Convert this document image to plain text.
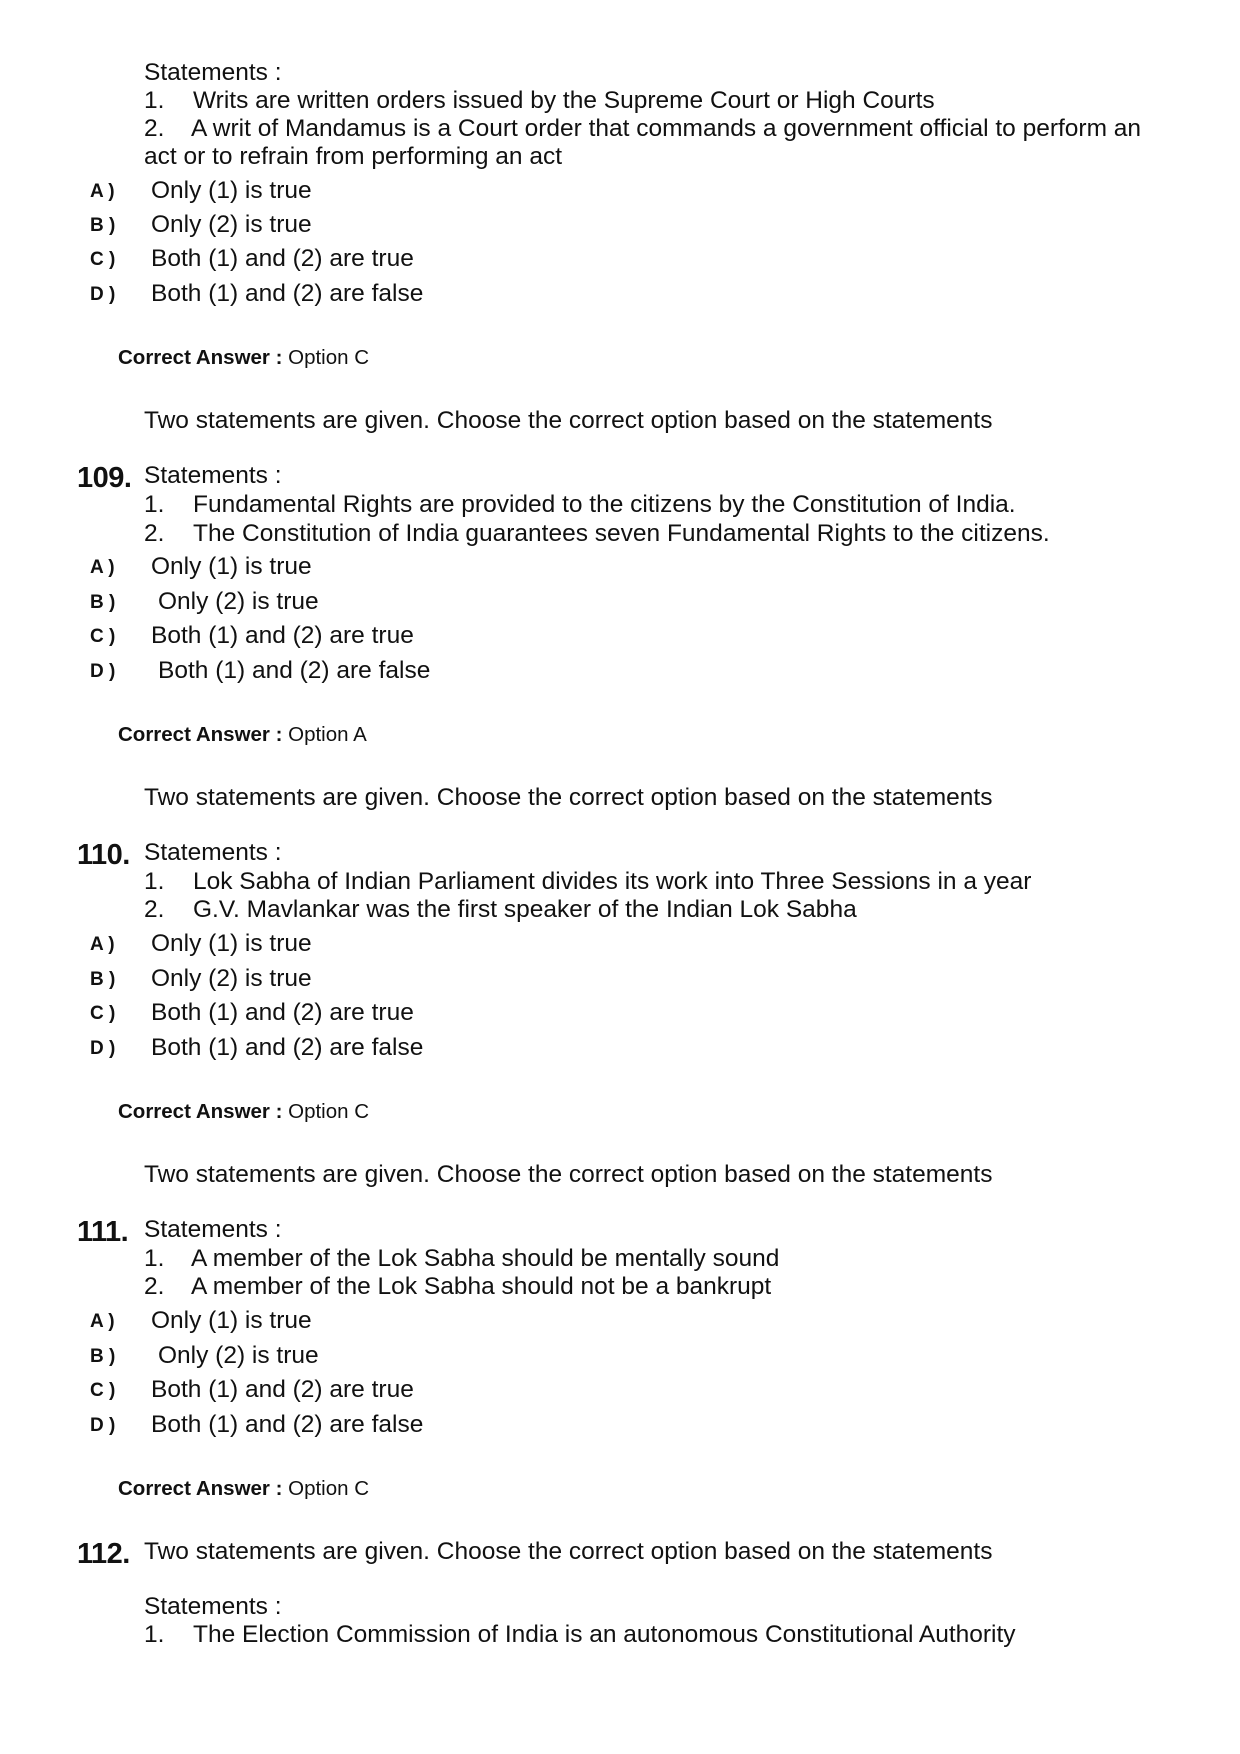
Statements :
1. Writs are written orders issued by the Supreme Court or High Courts
2. A writ of Mandamus is a Court order that commands a government official to perform an
act or to refrain from performing an act
A ) Only (1) is true
B ) Only (2) is true
C ) Both (1) and (2) are true
D ) Both (1) and (2) are false
Correct Answer : Option C
Two statements are given. Choose the correct option based on the statements
109. Statements :
1. Fundamental Rights are provided to the citizens by the Constitution of India.
2. The Constitution of India guarantees seven Fundamental Rights to the citizens.
A ) Only (1) is true
B ) Only (2) is true
C ) Both (1) and (2) are true
D ) Both (1) and (2) are false
Correct Answer : Option A
Two statements are given. Choose the correct option based on the statements
110. Statements :
1. Lok Sabha of Indian Parliament divides its work into Three Sessions in a year
2. G.V. Mavlankar was the first speaker of the Indian Lok Sabha
A ) Only (1) is true
B ) Only (2) is true
C ) Both (1) and (2) are true
D ) Both (1) and (2) are false
Correct Answer : Option C
Two statements are given. Choose the correct option based on the statements
111. Statements :
1. A member of the Lok Sabha should be mentally sound
2. A member of the Lok Sabha should not be a bankrupt
A ) Only (1) is true
B ) Only (2) is true
C ) Both (1) and (2) are true
D ) Both (1) and (2) are false
Correct Answer : Option C
112. Two statements are given. Choose the correct option based on the statements
Statements :
1. The Election Commission of India is an autonomous Constitutional Authority
